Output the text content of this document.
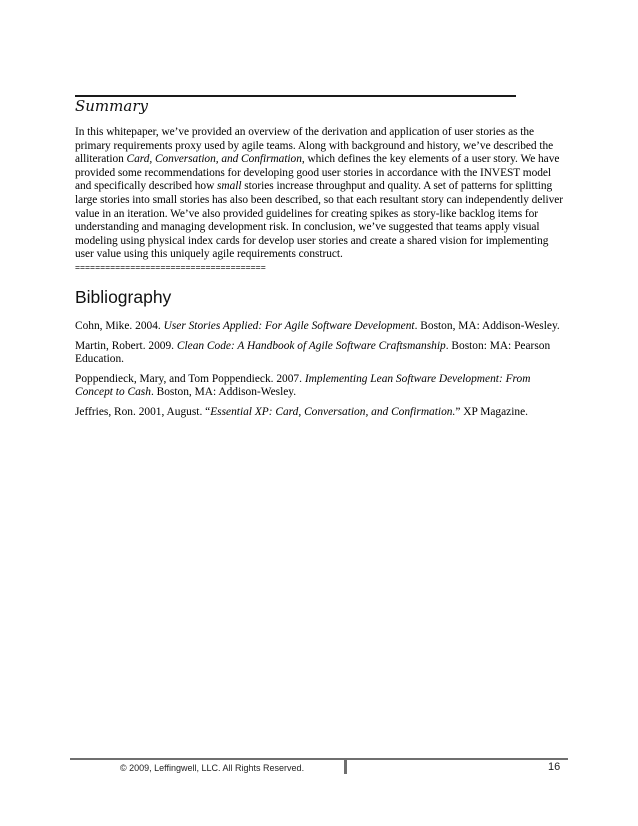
Summary

In this whitepaper, we’ve provided an overview of the derivation and application of user stories as the primary requirements proxy used by agile teams. Along with background and history, we’ve described the alliteration Card, Conversation, and Confirmation, which defines the key elements of a user story. We have provided some recommendations for developing good user stories in accordance with the INVEST model and specifically described how small stories increase throughput and quality. A set of patterns for splitting large stories into small stories has also been described, so that each resultant story can independently deliver value in an iteration. We’ve also provided guidelines for creating spikes as story-like backlog items for understanding and managing development risk. In conclusion, we’ve suggested that teams apply visual modeling using physical index cards for develop user stories and create a shared vision for implementing user value using this uniquely agile requirements construct.

======================================
Bibliography
Cohn, Mike. 2004. User Stories Applied: For Agile Software Development. Boston, MA: Addison-Wesley.
Martin, Robert. 2009. Clean Code: A Handbook of Agile Software Craftsmanship. Boston: MA: Pearson Education.
Poppendieck, Mary, and Tom Poppendieck. 2007. Implementing Lean Software Development: From Concept to Cash. Boston, MA: Addison-Wesley.
Jeffries, Ron. 2001, August. “Essential XP: Card, Conversation, and Confirmation.” XP Magazine.
© 2009, Leffingwell, LLC. All Rights Reserved.	16
